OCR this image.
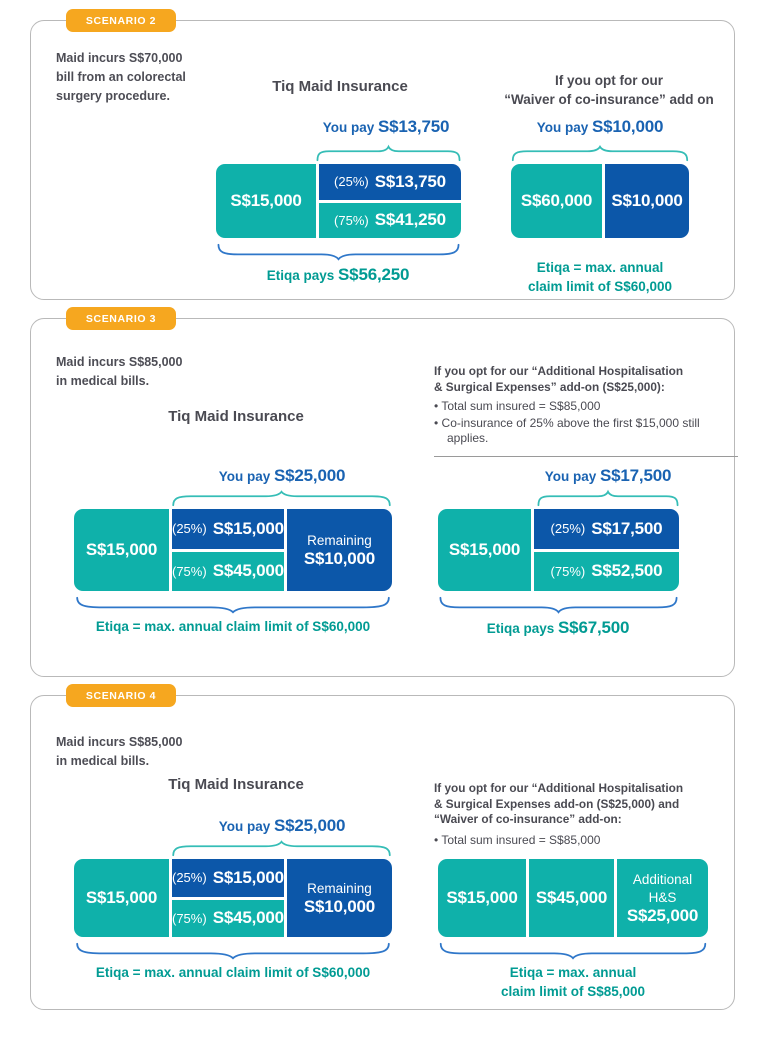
SCENARIO 2
Maid incurs S$70,000
bill from an colorectal
surgery procedure.
Tiq Maid Insurance	If you opt for our
“Waiver of co-insurance” add on
You pay S$13,750
S$15,000
(25%) S$13,750
(75%) S$41,250
Etiqa pays S$56,250
You pay S$10,000
S$60,000 S$10,000
Etiqa = max. annual
claim limit of S$60,000
SCENARIO 3
Maid incurs S$85,000
in medical bills.
Tiq Maid Insurance
If you opt for our “Additional Hospitalisation
& Surgical Expenses” add-on (S$25,000):
• Total sum insured = S$85,000
• Co-insurance of 25% above the first $15,000 still applies.
You pay S$25,000
S$15,000
(25%) S$15,000
(75%) S$45,000
Remaining
S$10,000
Etiqa = max. annual claim limit of S$60,000
You pay S$17,500
S$15,000
(25%) S$17,500
(75%) S$52,500
Etiqa pays S$67,500
SCENARIO 4
Maid incurs S$85,000
in medical bills.
Tiq Maid Insurance	If you opt for our “Additional Hospitalisation
& Surgical Expenses add-on (S$25,000) and
“Waiver of co-insurance” add-on:
• Total sum insured = S$85,000
You pay S$25,000
S$15,000
(25%) S$15,000
(75%) S$45,000
Remaining
S$10,000
Etiqa = max. annual claim limit of S$60,000
S$15,000 S$45,000
Additional
H&S
S$25,000
Etiqa = max. annual
claim limit of S$85,000
